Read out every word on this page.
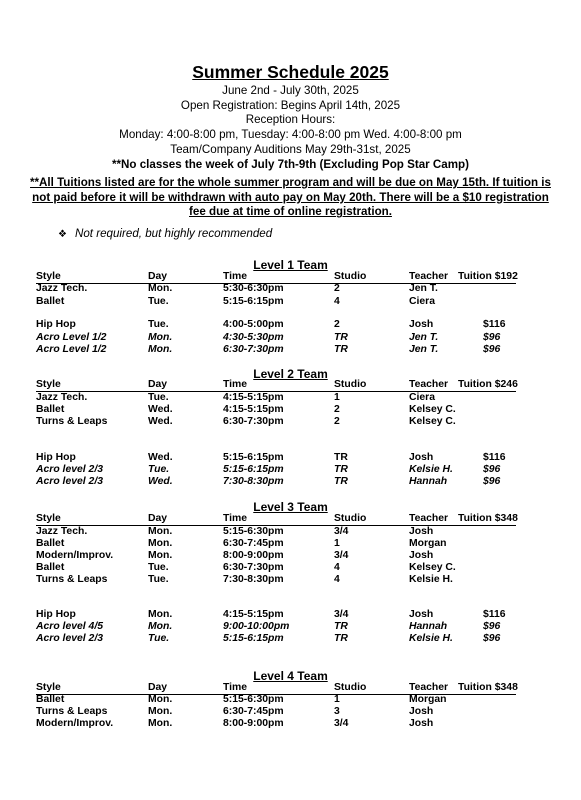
Summer Schedule 2025
June 2nd - July 30th, 2025
Open Registration: Begins April 14th, 2025
Reception Hours:
Monday: 4:00-8:00 pm, Tuesday: 4:00-8:00 pm Wed. 4:00-8:00 pm
Team/Company Auditions May 29th-31st, 2025
**No classes the week of July 7th-9th (Excluding Pop Star Camp)
**All Tuitions listed are for the whole summer program and will be due on May 15th. If tuition is not paid before it will be withdrawn with auto pay on May 20th. There will be a $10 registration fee due at time of online registration.
❖ Not required, but highly recommended
Level 1 Team
Style	Day	Time	Studio	Teacher Tuition $192
Jazz Tech.	Mon.	5:30-6:30pm	2	Jen T.
Ballet	Tue.	5:15-6:15pm	4	Ciera
Hip Hop	Tue.	4:00-5:00pm	2	Josh	$116
Acro Level 1/2	Mon.	4:30-5:30pm	TR	Jen T.	$96
Acro Level 1/2	Mon.	6:30-7:30pm	TR	Jen T.	$96
Level 2 Team
Style	Day	Time	Studio	Teacher Tuition $246
Jazz Tech.	Tue.	4:15-5:15pm	1	Ciera
Ballet	Wed.	4:15-5:15pm	2	Kelsey C.
Turns & Leaps	Wed.	6:30-7:30pm	2	Kelsey C.
Hip Hop	Wed.	5:15-6:15pm	TR	Josh	$116
Acro level 2/3	Tue.	5:15-6:15pm	TR	Kelsie H.	$96
Acro level 2/3	Wed.	7:30-8:30pm	TR	Hannah	$96
Level 3 Team
Style	Day	Time	Studio	Teacher Tuition $348
Jazz Tech.	Mon.	5:15-6:30pm	3/4	Josh
Ballet	Mon.	6:30-7:45pm	1	Morgan
Modern/Improv.	Mon.	8:00-9:00pm	3/4	Josh
Ballet	Tue.	6:30-7:30pm	4	Kelsey C.
Turns & Leaps	Tue.	7:30-8:30pm	4	Kelsie H.
Hip Hop	Mon.	4:15-5:15pm	3/4	Josh	$116
Acro level 4/5	Mon.	9:00-10:00pm	TR	Hannah	$96
Acro level 2/3	Tue.	5:15-6:15pm	TR	Kelsie H.	$96
Level 4 Team
Style	Day	Time	Studio	Teacher Tuition $348
Ballet	Mon.	5:15-6:30pm	1	Morgan
Turns & Leaps	Mon.	6:30-7:45pm	3	Josh
Modern/Improv.	Mon.	8:00-9:00pm	3/4	Josh
